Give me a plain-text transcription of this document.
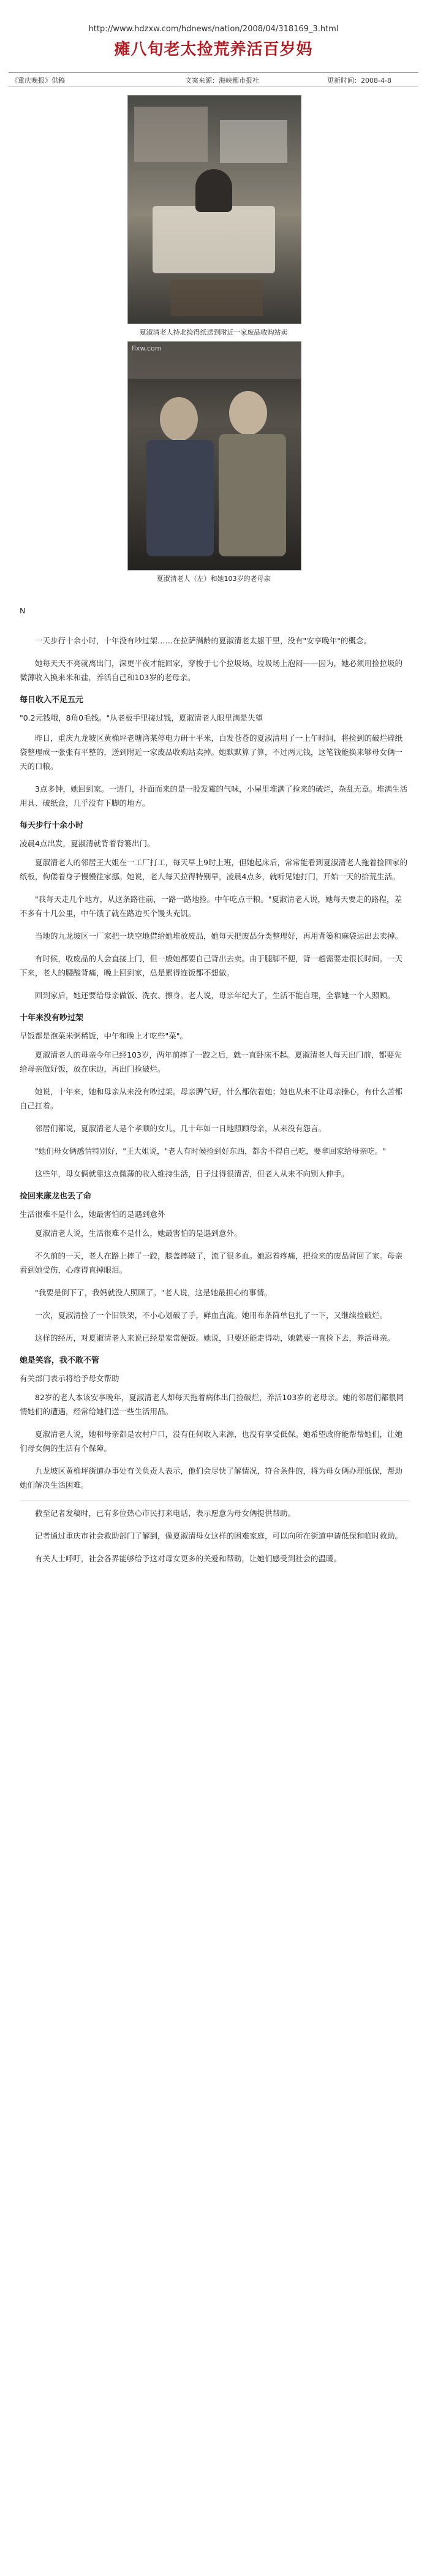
http://www.hdzxw.com/hdnews/nation/2008/04/318169_3.html
瘫八旬老太捡荒养活百岁妈
《重庆晚报》供稿	文案来源：海峡都市报社	更新时间：2008-4-8
夏淑清老人持北捡得纸送到附近一家废品收购站卖
flxw.com
夏淑清老人（左）和她103岁的老母亲

N

一天步行十余小时，十年没有吵过架……在拉萨满龄的夏淑清老太躯干里，没有"安享晚年"的概念。

她每天天不亮就离出门，深更半夜才能回家，穿梭于七个拉圾场。垃圾场上泡闷——因为，她必须用捡拉圾的微薄收入换来米和盐，养活自己和103岁的老母亲。

每日收入不足五元

"0.2元钱哦，8角0毛钱。"从老板手里接过钱，夏淑清老人眼里满是失望

昨日，重庆九龙坡区黄桷坪老塘湾某停电力研十平米，白发苍苍的夏淑清用了一上午时间，将捡到的破烂碎纸袋整理成一张张有平整的，送到附近一家废品收购站卖掉。她默默算了算，不过两元钱，这笔钱能换来够母女俩一天的口粮。

3点多钟，她回到家。一进门，扑面而来的是一股发霉的气味，小屋里堆满了捡来的破烂，杂乱无章。堆满生活用具、破纸盒，几乎没有下脚的地方。

每天步行十余小时

凌晨4点出发，夏淑清就背着背篓出门。

夏淑清老人的邻居王大姐在一工厂打工，每天早上9时上班，但她起床后，常常能看到夏淑清老人拖着捡回家的纸板，佝偻着身子慢慢往家挪。她说，老人每天拉得特别早，凌晨4点多，就听见她打门，开始一天的拾荒生活。

"我每天走几个地方，从这条路往前，一路一路地捡。中午吃点干粮。"夏淑清老人说，她每天要走的路程，差不多有十几公里，中午饿了就在路边买个馒头充饥。

当地的九龙坡区一厂家把一块空地借给她堆放废品，她每天把废品分类整理好，再用背篓和麻袋运出去卖掉。

有时候，收废品的人会直接上门，但一般她都要自己背出去卖。由于腿脚不便，背一趟需要走很长时间。一天下来，老人的腰酸背痛，晚上回到家，总是累得连饭都不想做。

回到家后，她还要给母亲做饭、洗衣、擦身。老人说，母亲年纪大了，生活不能自理，全靠她一个人照顾。

十年来没有吵过架

早饭都是泡菜米粥稀饭，中午和晚上才吃些"菜"。

夏淑清老人的母亲今年已经103岁，两年前摔了一跤之后，就一直卧床不起。夏淑清老人每天出门前，都要先给母亲做好饭，放在床边，再出门捡破烂。

她说，十年来，她和母亲从来没有吵过架。母亲脾气好，什么都依着她；她也从来不让母亲操心，有什么苦都自己扛着。

邻居们都说，夏淑清老人是个孝顺的女儿，几十年如一日地照顾母亲，从来没有怨言。

"她们母女俩感情特别好，"王大姐说，"老人有时候捡到好东西，都舍不得自己吃，要拿回家给母亲吃。"

这些年，母女俩就靠这点微薄的收入维持生活，日子过得很清苦，但老人从来不向别人伸手。

捡回来廉龙也丢了命

生活很难不是什么，她最害怕的是遇到意外

夏淑清老人说，生活很难不是什么，她最害怕的是遇到意外。

不久前的一天，老人在路上摔了一跤，膝盖摔破了，流了很多血。她忍着疼痛，把捡来的废品背回了家。母亲看到她受伤，心疼得直掉眼泪。

"我要是倒下了，我妈就没人照顾了。"老人说，这是她最担心的事情。

一次，夏淑清捡了一个旧铁架，不小心划破了手，鲜血直流。她用布条简单包扎了一下，又继续捡破烂。

这样的经历，对夏淑清老人来说已经是家常便饭。她说，只要还能走得动，她就要一直捡下去，养活母亲。

她是笑容，我不敢不管

有关部门表示将给予母女帮助

82岁的老人本该安享晚年，夏淑清老人却每天拖着病体出门捡破烂，养活103岁的老母亲。她的邻居们都很同情她们的遭遇，经常给她们送一些生活用品。

夏淑清老人说，她和母亲都是农村户口，没有任何收入来源，也没有享受低保。她希望政府能帮帮她们，让她们母女俩的生活有个保障。

九龙坡区黄桷坪街道办事处有关负责人表示，他们会尽快了解情况，符合条件的，将为母女俩办理低保，帮助她们解决生活困难。

截至记者发稿时，已有多位热心市民打来电话，表示愿意为母女俩提供帮助。

记者通过重庆市社会救助部门了解到，像夏淑清母女这样的困难家庭，可以向所在街道申请低保和临时救助。

有关人士呼吁，社会各界能够给予这对母女更多的关爱和帮助，让她们感受到社会的温暖。
